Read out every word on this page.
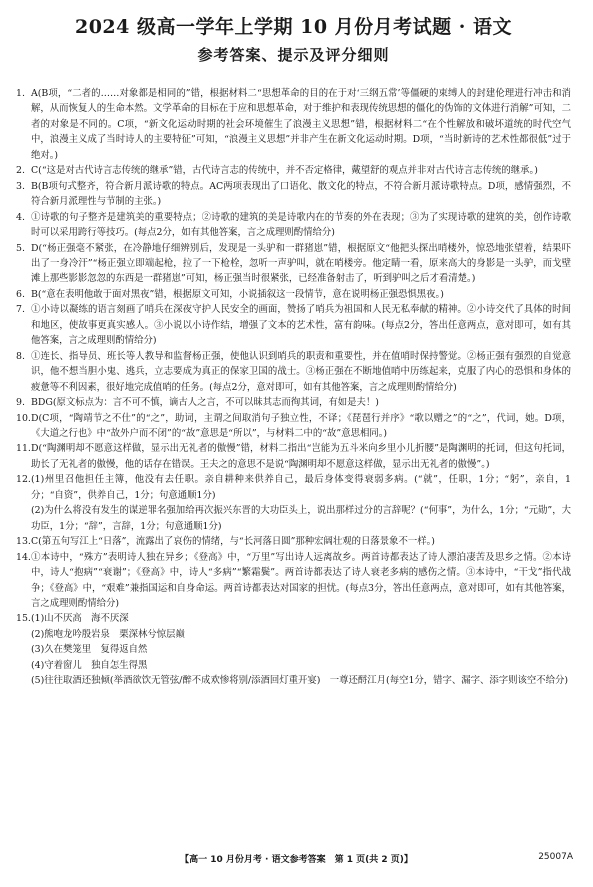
2024 级高一学年上学期 10 月份月考试题 · 语文
参考答案、提示及评分细则
1. A(B项，“二者的……对象都是相同的”错，根据材料二“思想革命的目的在于对‘三纲五常’等僵硬的束缚人的封建伦理进行冲击和消解，从而恢复人的生命本然。文学革命的目标在于应和思想革命，对于维护和表现传统思想的僵化的伪饰的文体进行消解”可知，二者的对象是不同的。C项，“新文化运动时期的社会环境催生了浪漫主义思想”错，根据材料二“在个性解放和破坏道统的时代空气中，浪漫主义成了当时诗人的主要特征”可知，“浪漫主义思想”并非产生在新文化运动时期。D项，“当时新诗的艺术性都很低”过于绝对。)
2. C(“这是对古代诗言志传统的继承”错，古代诗言志的传统中，并不否定格律，戴望舒的观点并非对古代诗言志传统的继承。)
3. B(B项句式整齐，符合新月派诗歌的特点。AC两项表现出了口语化、散文化的特点，不符合新月派诗歌特点。D项，感情强烈，不符合新月派理性与节制的主张。)
4. ①诗歌的句子整齐是建筑美的重要特点；②诗歌的建筑的美是诗歌内在的节奏的外在表现；③为了实现诗歌的建筑的美，创作诗歌时可以采用跨行等技巧。(每点2分，如有其他答案，言之成理则酌情给分)
5. D(“杨正强毫不紧张，在冷静地仔细辨别后，发现是一头驴和一群猪崽”错，根据原文“他把头探出哨楼外，惊恐地张望着，结果吓出了一身冷汗”“杨正强立即端起枪，拉了一下枪栓，忽听一声驴叫，就在哨楼旁。他定睛一看，原来高大的身影是一头驴，而戈壁滩上那些影影忽忽的东西是一群猪崽”可知，杨正强当时很紧张，已经准备射击了，听到驴叫之后才看清楚。)
6. B(“意在表明他敢于面对黑夜”错，根据原文可知，小说插叙这一段情节，意在说明杨正强恐惧黑夜。)
7. ①小诗以凝练的语言刻画了哨兵在深夜守护人民安全的画面，赞扬了哨兵为祖国和人民无私奉献的精神。②小诗交代了具体的时间和地区，使故事更真实感人。③小说以小诗作结，增强了文本的艺术性，富有韵味。(每点2分，答出任意两点，意对即可，如有其他答案，言之成理则酌情给分)
8. ①连长、指导员、班长等人教导和监督杨正强，使他认识到哨兵的职责和重要性，并在值哨时保持警觉。②杨正强有强烈的自觉意识，他不想当胆小鬼、逃兵，立志要成为真正的保家卫国的战士。③杨正强在不断地值哨中历练起来，克服了内心的恐惧和身体的疲惫等不利因素，很好地完成值哨的任务。(每点2分，意对即可，如有其他答案，言之成理则酌情给分)
9. BDG(原文标点为：言不可不慎，谪古人之言，不可以昧其志而徇其词，有如是夫！)
10.D(C项，“陶靖节之不仕”的“之”，助词，主谓之间取消句子独立性，不译；《琵琶行并序》“歌以赠之”的“之”，代词，她。D项，《大道之行也》中“故外户而不闭”的“故”意思是“所以”，与材料二中的“故”意思相同。)
11.D(“陶渊明却不愿意这样做，显示出无礼者的傲慢”错，材料二指出“岂能为五斗米向乡里小儿折腰”是陶渊明的托词，但这句托词，助长了无礼者的傲慢，他的话存在错误。王夫之的意思不是说“陶渊明却不愿意这样做，显示出无礼者的傲慢”。)
12.(1)州里召他担任主簿，他没有去任职。亲自耕种来供养自己，最后身体变得衰弱多病。(“就”，任职，1分；“躬”，亲自，1分；“自资”，供养自己，1分；句意通顺1分)
(2)为什么将没有发生的谋逆罪名强加给再次振兴东晋的大功臣头上，说出那样过分的言辞呢？(“何事”，为什么，1分；“元勋”，大功臣，1分；“辞”，言辞，1分；句意通顺1分)
13.C(第五句写江上“日落”，流露出了哀伤的情绪，与“长河落日圆”那种宏阔壮观的日落景象不一样。)
14.①本诗中，“殊方”表明诗人独在异乡；《登高》中，“万里”写出诗人远离故乡。两首诗都表达了诗人漂泊凄苦及思乡之情。②本诗中，诗人“抱病”“衰谢”；《登高》中，诗人“多病”“繁霜鬓”。两首诗都表达了诗人衰老多病的感伤之情。③本诗中，“干戈”指代战争；《登高》中，“艰难”兼指国运和自身命运。两首诗都表达对国家的担忧。(每点3分，答出任意两点，意对即可，如有其他答案，言之成理则酌情给分)
15.(1)山不厌高　海不厌深
(2)熊咆龙吟殷岩泉　栗深林兮惊层巅
(3)久在樊笼里　复得返自然
(4)守着窗儿　独自怎生得黑
(5)往往取酒还独倾(举酒欲饮无管弦/醉不成欢惨将别/添酒回灯重开宴)　一尊还酹江月(每空1分，错字、漏字、添字则该空不给分)
【高一 10 月份月考 · 语文参考答案　第 1 页(共 2 页)】	25007A
